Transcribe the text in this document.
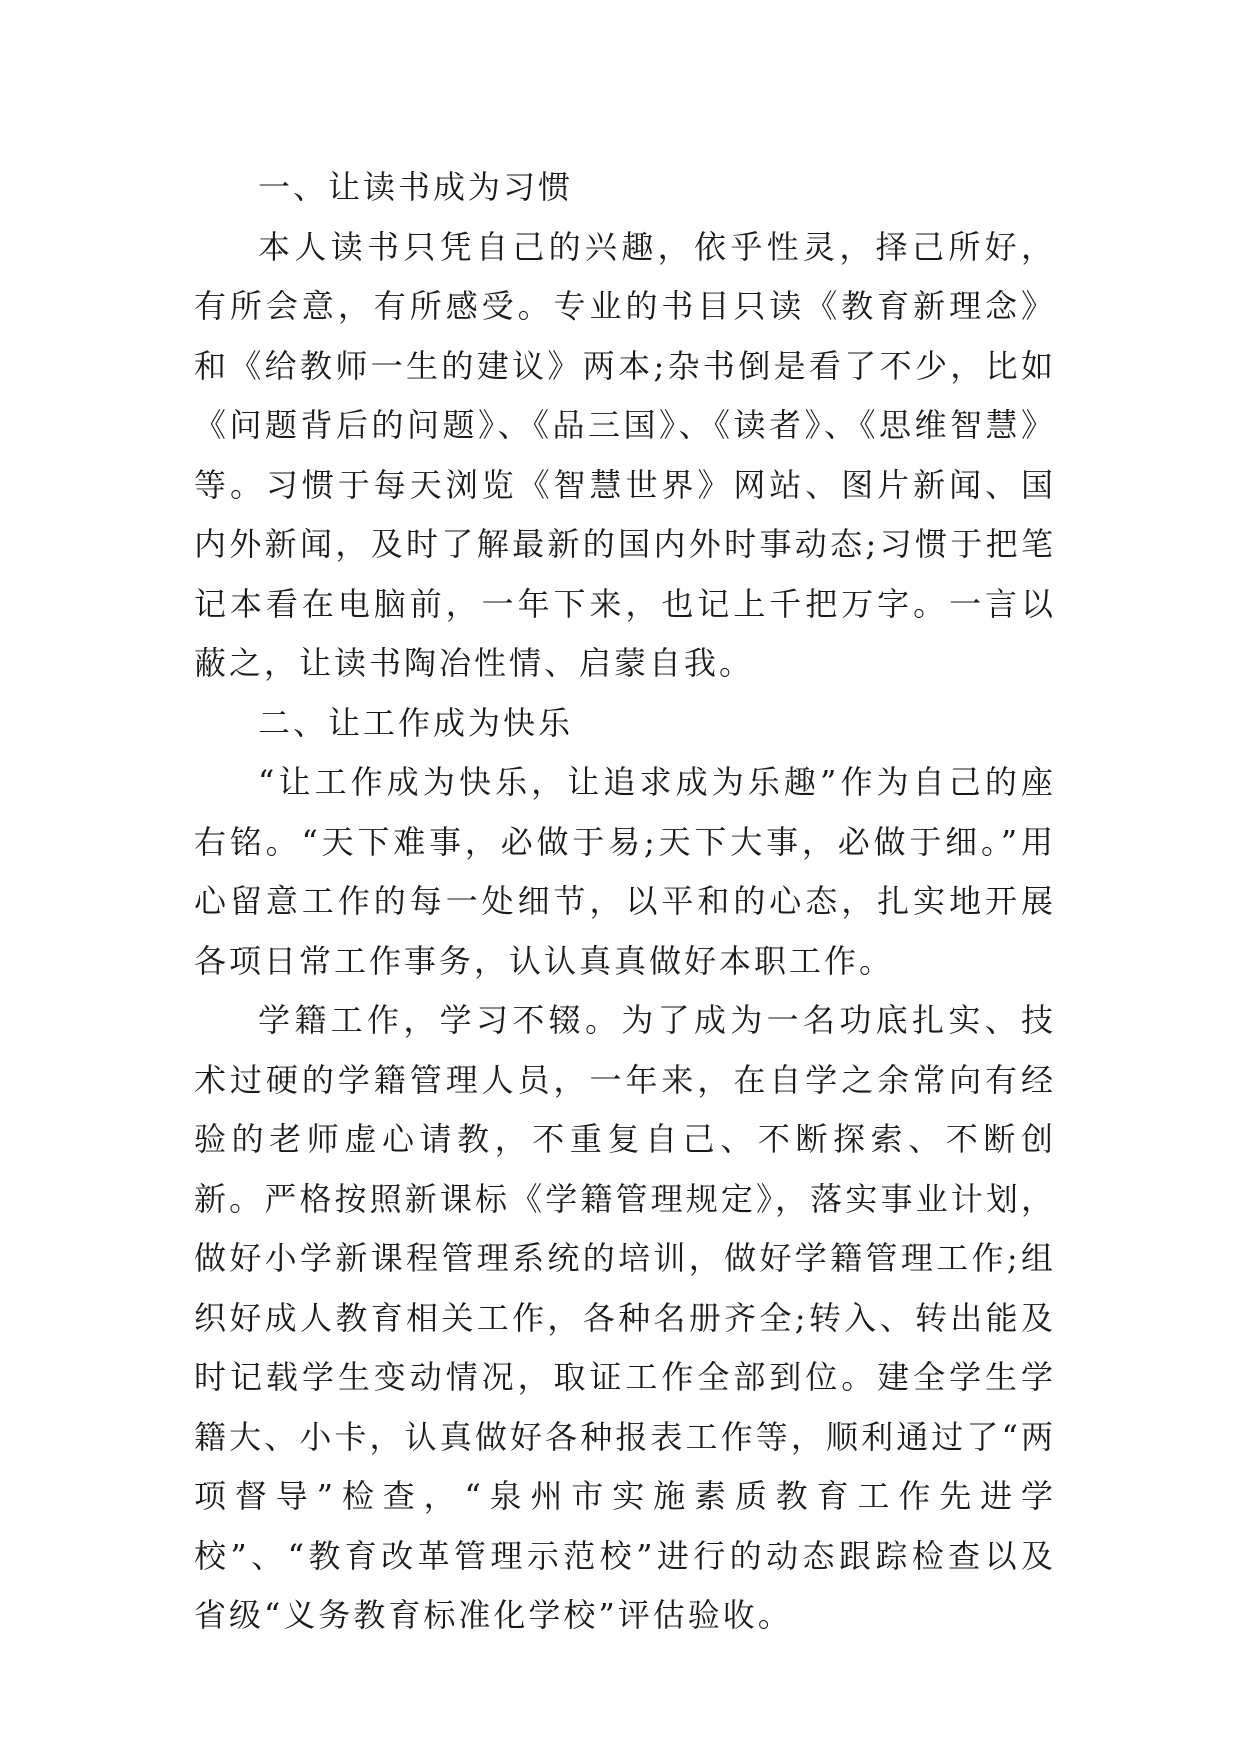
一、让读书成为习惯

本人读书只凭自己的兴趣，依乎性灵，择己所好，有所会意，有所感受。专业的书目只读《教育新理念》和《给教师一生的建议》两本;杂书倒是看了不少，比如《问题背后的问题》、《品三国》、《读者》、《思维智慧》等。习惯于每天浏览《智慧世界》网站、图片新闻、国内外新闻，及时了解最新的国内外时事动态;习惯于把笔记本看在电脑前，一年下来，也记上千把万字。一言以蔽之，让读书陶冶性情、启蒙自我。

二、让工作成为快乐

“让工作成为快乐，让追求成为乐趣”作为自己的座右铭。“天下难事，必做于易;天下大事，必做于细。”用心留意工作的每一处细节，以平和的心态，扎实地开展各项日常工作事务，认认真真做好本职工作。

学籍工作，学习不辍。为了成为一名功底扎实、技术过硬的学籍管理人员，一年来，在自学之余常向有经验的老师虚心请教，不重复自己、不断探索、不断创新。严格按照新课标《学籍管理规定》，落实事业计划，做好小学新课程管理系统的培训，做好学籍管理工作;组织好成人教育相关工作，各种名册齐全;转入、转出能及时记载学生变动情况，取证工作全部到位。建全学生学籍大、小卡，认真做好各种报表工作等，顺利通过了“两项督导”检查，“泉州市实施素质教育工作先进学校”、“教育改革管理示范校”进行的动态跟踪检查以及省级“义务教育标准化学校”评估验收。
